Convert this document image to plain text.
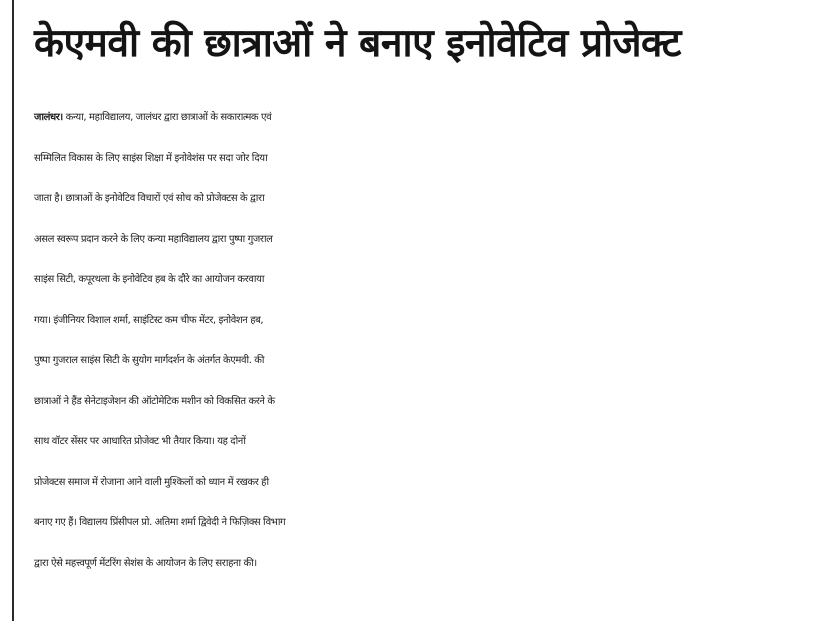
केएमवी की छात्राओं ने बनाए इनोवेटिव प्रोजेक्ट
जालंधर। कन्या, महाविद्यालय, जालंधर द्वारा छात्राओं के सकारात्मक एवं
सम्मिलित विकास के लिए साइंस शिक्षा में इनोवेशंस पर सदा जोर दिया
जाता है। छात्राओं के इनोवेटिव विचारों एवं सोच को प्रोजेक्टस के द्वारा
असल स्वरूप प्रदान करने के लिए कन्या महाविद्यालय द्वारा पुष्पा गुजराल
साइंस सिटी, कपूरथला के इनोवेटिव हब के दौरे का आयोजन करवाया
गया। इंजीनियर विशाल शर्मा, साइंटिस्ट कम चीफ मेंटर, इनोवेशन हब,
पुष्पा गुजराल साइंस सिटी के सुयोग मार्गदर्शन के अंतर्गत केएमवी. की
छात्राओं ने हैंड सेनेटाइजेशन की ऑटोमेटिक मशीन को विकसित करने के
साथ वॉटर सेंसर पर आधारित प्रोजेक्ट भी तैयार किया। यह दोनों
प्रोजेक्टस समाज में रोजाना आने वाली मुश्किलों को ध्यान में रखकर ही
बनाए गए हैं। विद्यालय प्रिंसीपल प्रो. अतिमा शर्मा द्विवेदी ने फिज़िक्स विभाग
द्वारा ऐसे महत्त्वपूर्ण मेंटरिंग सेशंस के आयोजन के लिए सराहना की।
